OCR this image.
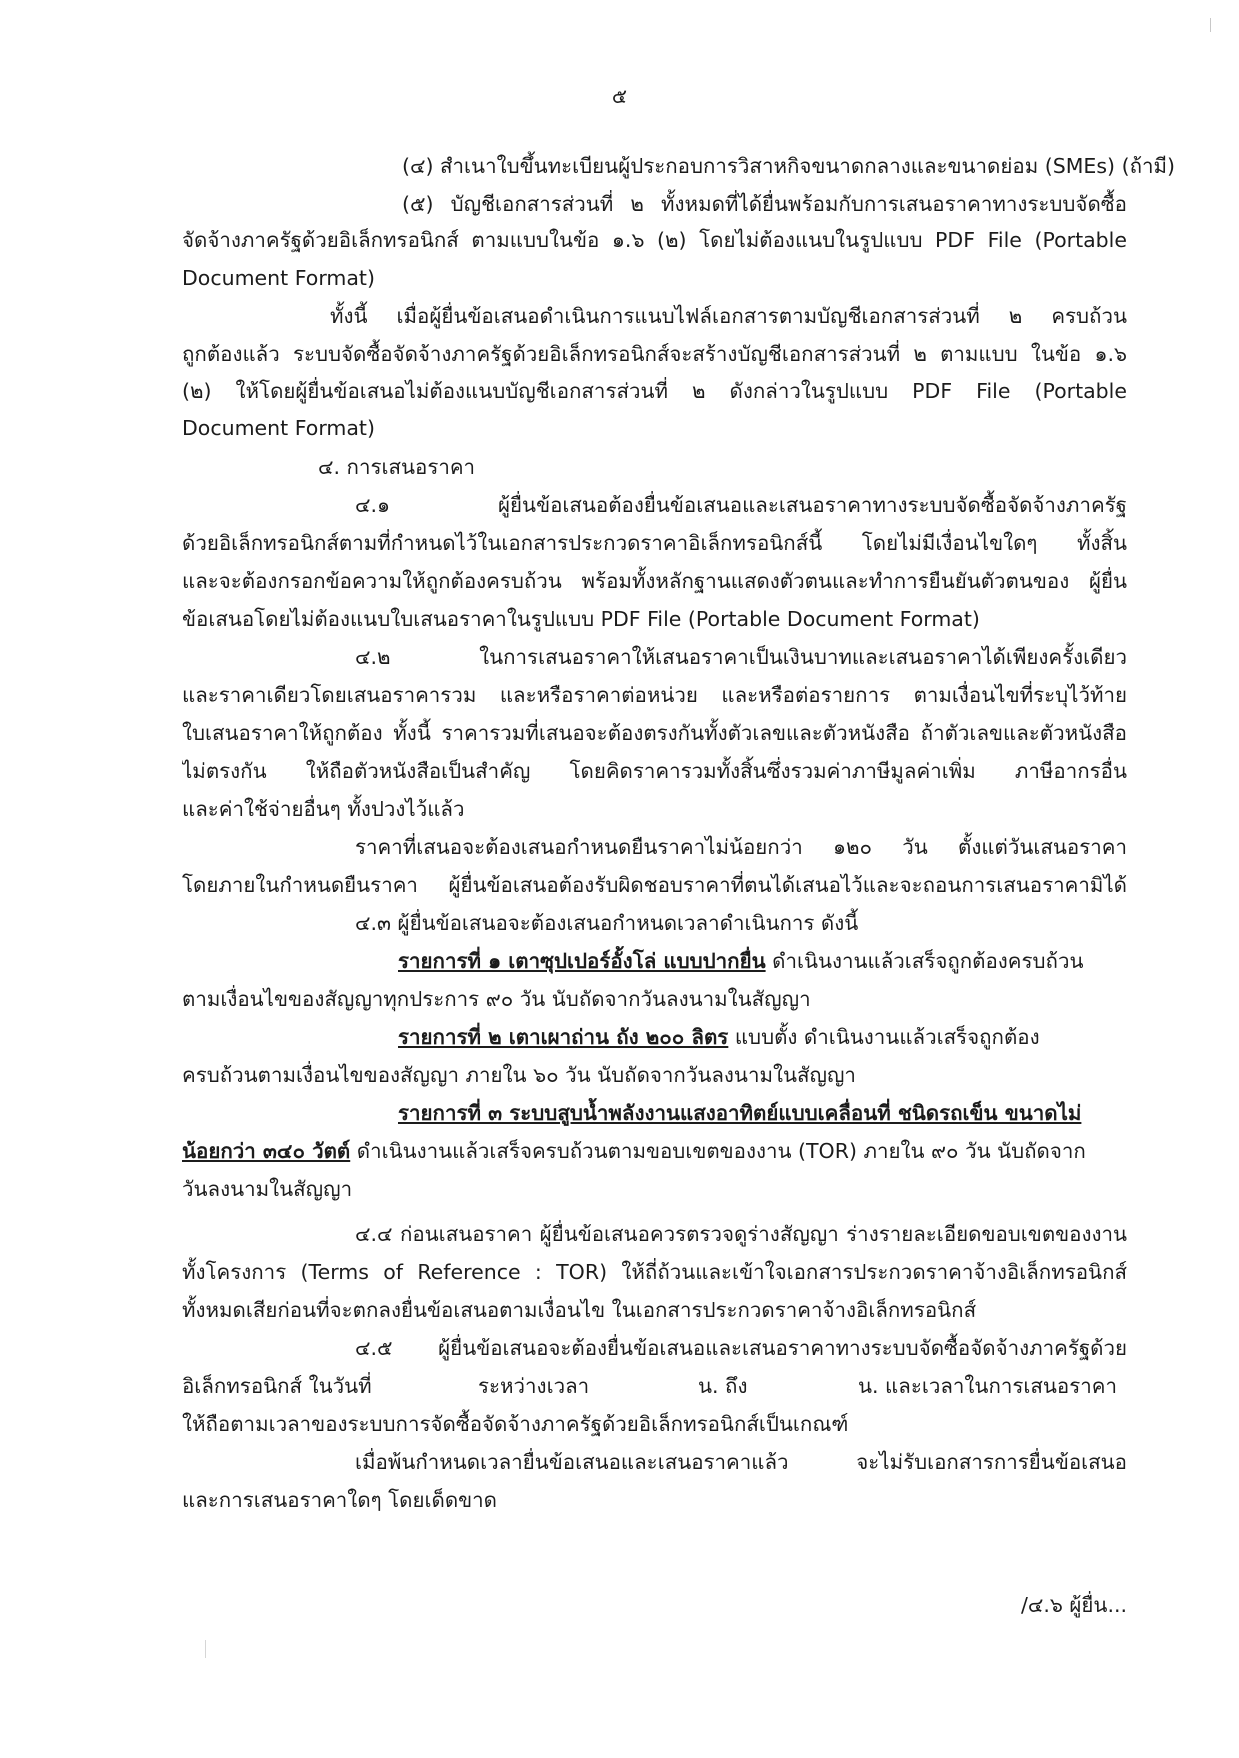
๕
(๔) สำเนาใบขึ้นทะเบียนผู้ประกอบการวิสาหกิจขนาดกลางและขนาดย่อม (SMEs) (ถ้ามี)
(๕) บัญชีเอกสารส่วนที่ ๒ ทั้งหมดที่ได้ยื่นพร้อมกับการเสนอราคาทางระบบจัดซื้อ
จัดจ้างภาครัฐด้วยอิเล็กทรอนิกส์ ตามแบบในข้อ ๑.๖ (๒) โดยไม่ต้องแนบในรูปแบบ PDF File (Portable
Document Format)
ทั้งนี้ เมื่อผู้ยื่นข้อเสนอดำเนินการแนบไฟล์เอกสารตามบัญชีเอกสารส่วนที่ ๒ ครบถ้วน
ถูกต้องแล้ว ระบบจัดซื้อจัดจ้างภาครัฐด้วยอิเล็กทรอนิกส์จะสร้างบัญชีเอกสารส่วนที่ ๒ ตามแบบ ในข้อ ๑.๖
(๒) ให้โดยผู้ยื่นข้อเสนอไม่ต้องแนบบัญชีเอกสารส่วนที่ ๒ ดังกล่าวในรูปแบบ PDF File (Portable
Document Format)
๔. การเสนอราคา
๔.๑ ผู้ยื่นข้อเสนอต้องยื่นข้อเสนอและเสนอราคาทางระบบจัดซื้อจัดจ้างภาครัฐ
ด้วยอิเล็กทรอนิกส์ตามที่กำหนดไว้ในเอกสารประกวดราคาอิเล็กทรอนิกส์นี้ โดยไม่มีเงื่อนไขใดๆ ทั้งสิ้น
และจะต้องกรอกข้อความให้ถูกต้องครบถ้วน พร้อมทั้งหลักฐานแสดงตัวตนและทำการยืนยันตัวตนของ ผู้ยื่น
ข้อเสนอโดยไม่ต้องแนบใบเสนอราคาในรูปแบบ PDF File (Portable Document Format)
๔.๒ ในการเสนอราคาให้เสนอราคาเป็นเงินบาทและเสนอราคาได้เพียงครั้งเดียว
และราคาเดียวโดยเสนอราคารวม และหรือราคาต่อหน่วย และหรือต่อรายการ ตามเงื่อนไขที่ระบุไว้ท้าย
ใบเสนอราคาให้ถูกต้อง ทั้งนี้ ราคารวมที่เสนอจะต้องตรงกันทั้งตัวเลขและตัวหนังสือ ถ้าตัวเลขและตัวหนังสือ
ไม่ตรงกัน ให้ถือตัวหนังสือเป็นสำคัญ โดยคิดราคารวมทั้งสิ้นซึ่งรวมค่าภาษีมูลค่าเพิ่ม ภาษีอากรอื่น
และค่าใช้จ่ายอื่นๆ ทั้งปวงไว้แล้ว
ราคาที่เสนอจะต้องเสนอกำหนดยืนราคาไม่น้อยกว่า ๑๒๐ วัน ตั้งแต่วันเสนอราคา
โดยภายในกำหนดยืนราคา ผู้ยื่นข้อเสนอต้องรับผิดชอบราคาที่ตนได้เสนอไว้และจะถอนการเสนอราคามิได้
๔.๓ ผู้ยื่นข้อเสนอจะต้องเสนอกำหนดเวลาดำเนินการ ดังนี้
รายการที่ ๑ เตาซุปเปอร์อั้งโล่ แบบปากยื่น ดำเนินงานแล้วเสร็จถูกต้องครบถ้วน
ตามเงื่อนไขของสัญญาทุกประการ ๙๐ วัน นับถัดจากวันลงนามในสัญญา
รายการที่ ๒ เตาเผาถ่าน ถัง ๒๐๐ ลิตร แบบตั้ง ดำเนินงานแล้วเสร็จถูกต้อง
ครบถ้วนตามเงื่อนไขของสัญญา ภายใน ๖๐ วัน นับถัดจากวันลงนามในสัญญา
รายการที่ ๓ ระบบสูบน้ำพลังงานแสงอาทิตย์แบบเคลื่อนที่ ชนิดรถเข็น ขนาดไม่
น้อยกว่า ๓๔๐ วัตต์ ดำเนินงานแล้วเสร็จครบถ้วนตามขอบเขตของงาน (TOR) ภายใน ๙๐ วัน นับถัดจาก
วันลงนามในสัญญา
๔.๔ ก่อนเสนอราคา ผู้ยื่นข้อเสนอควรตรวจดูร่างสัญญา ร่างรายละเอียดขอบเขตของงาน
ทั้งโครงการ (Terms of Reference : TOR) ให้ถี่ถ้วนและเข้าใจเอกสารประกวดราคาจ้างอิเล็กทรอนิกส์
ทั้งหมดเสียก่อนที่จะตกลงยื่นข้อเสนอตามเงื่อนไข ในเอกสารประกวดราคาจ้างอิเล็กทรอนิกส์
๔.๕ ผู้ยื่นข้อเสนอจะต้องยื่นข้อเสนอและเสนอราคาทางระบบจัดซื้อจัดจ้างภาครัฐด้วย
อิเล็กทรอนิกส์ ในวันที่	ระหว่างเวลา	น. ถึง	น. และเวลาในการเสนอราคา
ให้ถือตามเวลาของระบบการจัดซื้อจัดจ้างภาครัฐด้วยอิเล็กทรอนิกส์เป็นเกณฑ์
เมื่อพ้นกำหนดเวลายื่นข้อเสนอและเสนอราคาแล้ว จะไม่รับเอกสารการยื่นข้อเสนอ
และการเสนอราคาใดๆ โดยเด็ดขาด
/๔.๖ ผู้ยื่น...
